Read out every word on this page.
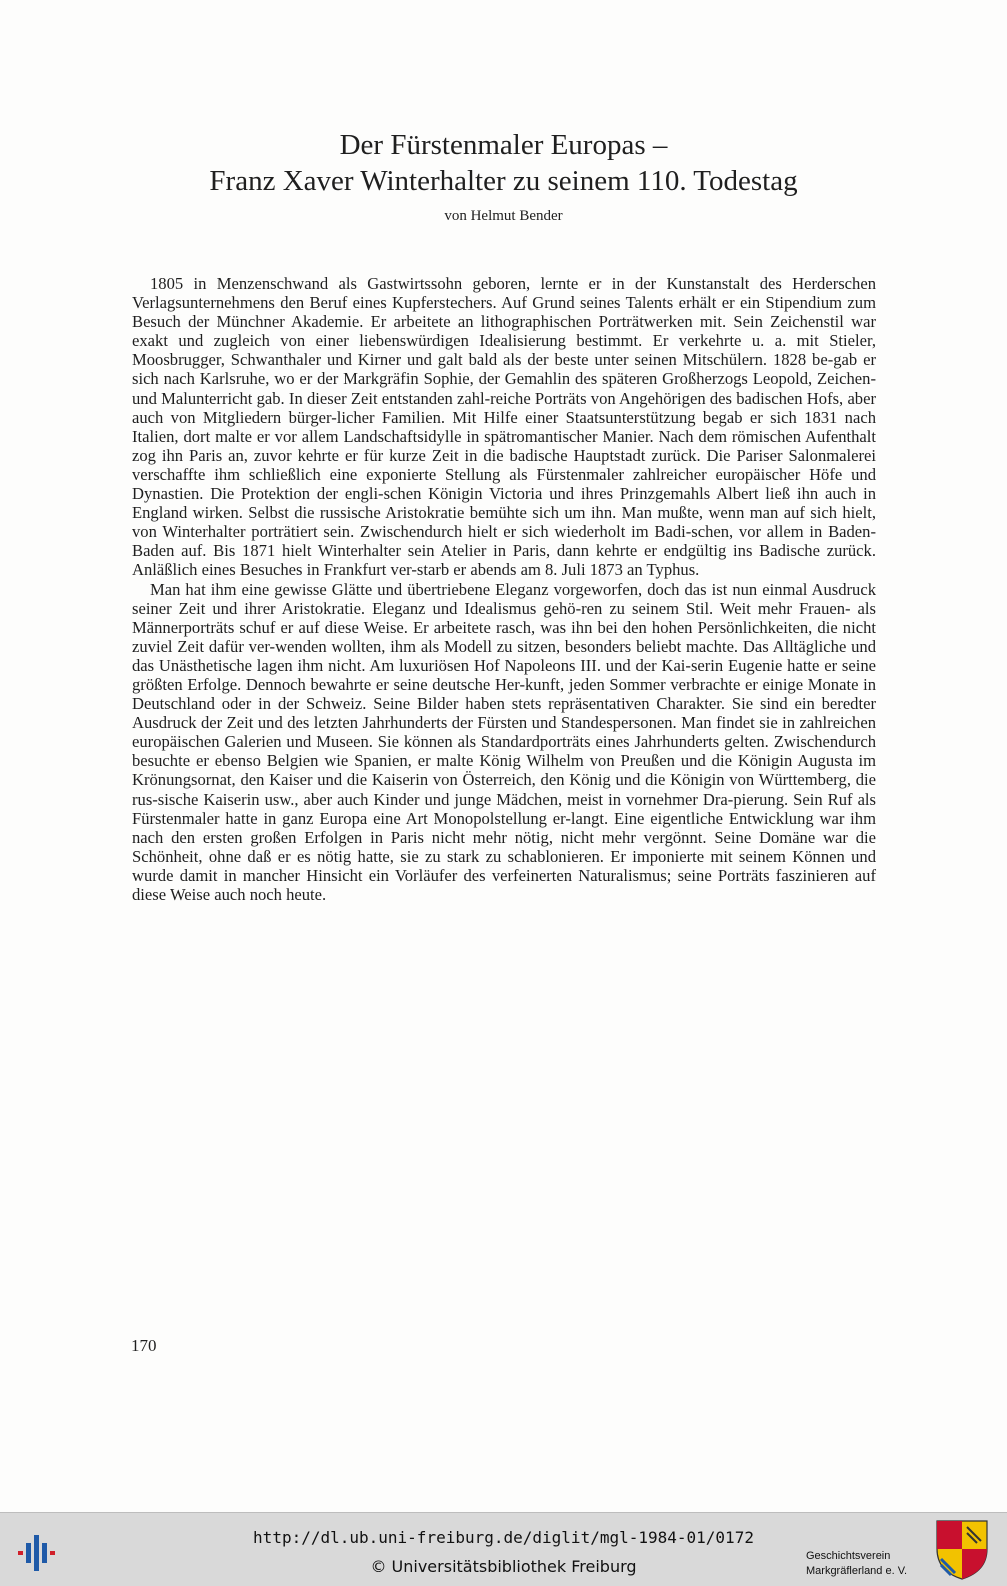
Der Fürstenmaler Europas –
Franz Xaver Winterhalter zu seinem 110. Todestag
von Helmut Bender

1805 in Menzenschwand als Gastwirtssohn geboren, lernte er in der Kunstanstalt des Herderschen Verlagsunternehmens den Beruf eines Kupferstechers. Auf Grund seines Talents erhält er ein Stipendium zum Besuch der Münchner Akademie. Er arbeitete an lithographischen Porträtwerken mit. Sein Zeichenstil war exakt und zugleich von einer liebenswürdigen Idealisierung bestimmt. Er verkehrte u. a. mit Stieler, Moosbrugger, Schwanthaler und Kirner und galt bald als der beste unter seinen Mitschülern. 1828 be-gab er sich nach Karlsruhe, wo er der Markgräfin Sophie, der Gemahlin des späteren Großherzogs Leopold, Zeichen- und Malunterricht gab. In dieser Zeit entstanden zahl-reiche Porträts von Angehörigen des badischen Hofs, aber auch von Mitgliedern bürger-licher Familien. Mit Hilfe einer Staatsunterstützung begab er sich 1831 nach Italien, dort malte er vor allem Landschaftsidylle in spätromantischer Manier. Nach dem römischen Aufenthalt zog ihn Paris an, zuvor kehrte er für kurze Zeit in die badische Hauptstadt zurück. Die Pariser Salonmalerei verschaffte ihm schließlich eine exponierte Stellung als Fürstenmaler zahlreicher europäischer Höfe und Dynastien. Die Protektion der engli-schen Königin Victoria und ihres Prinzgemahls Albert ließ ihn auch in England wirken. Selbst die russische Aristokratie bemühte sich um ihn. Man mußte, wenn man auf sich hielt, von Winterhalter porträtiert sein. Zwischendurch hielt er sich wiederholt im Badi-schen, vor allem in Baden-Baden auf. Bis 1871 hielt Winterhalter sein Atelier in Paris, dann kehrte er endgültig ins Badische zurück. Anläßlich eines Besuches in Frankfurt ver-starb er abends am 8. Juli 1873 an Typhus.

Man hat ihm eine gewisse Glätte und übertriebene Eleganz vorgeworfen, doch das ist nun einmal Ausdruck seiner Zeit und ihrer Aristokratie. Eleganz und Idealismus gehö-ren zu seinem Stil. Weit mehr Frauen- als Männerporträts schuf er auf diese Weise. Er arbeitete rasch, was ihn bei den hohen Persönlichkeiten, die nicht zuviel Zeit dafür ver-wenden wollten, ihm als Modell zu sitzen, besonders beliebt machte. Das Alltägliche und das Unästhetische lagen ihm nicht. Am luxuriösen Hof Napoleons III. und der Kai-serin Eugenie hatte er seine größten Erfolge. Dennoch bewahrte er seine deutsche Her-kunft, jeden Sommer verbrachte er einige Monate in Deutschland oder in der Schweiz. Seine Bilder haben stets repräsentativen Charakter. Sie sind ein beredter Ausdruck der Zeit und des letzten Jahrhunderts der Fürsten und Standespersonen. Man findet sie in zahlreichen europäischen Galerien und Museen. Sie können als Standardporträts eines Jahrhunderts gelten. Zwischendurch besuchte er ebenso Belgien wie Spanien, er malte König Wilhelm von Preußen und die Königin Augusta im Krönungsornat, den Kaiser und die Kaiserin von Österreich, den König und die Königin von Württemberg, die rus-sische Kaiserin usw., aber auch Kinder und junge Mädchen, meist in vornehmer Dra-pierung. Sein Ruf als Fürstenmaler hatte in ganz Europa eine Art Monopolstellung er-langt. Eine eigentliche Entwicklung war ihm nach den ersten großen Erfolgen in Paris nicht mehr nötig, nicht mehr vergönnt. Seine Domäne war die Schönheit, ohne daß er es nötig hatte, sie zu stark zu schablonieren. Er imponierte mit seinem Können und wurde damit in mancher Hinsicht ein Vorläufer des verfeinerten Naturalismus; seine Porträts faszinieren auf diese Weise auch noch heute.

170
http://dl.ub.uni-freiburg.de/diglit/mgl-1984-01/0172
© Universitätsbibliothek Freiburg
Geschichtsverein
Markgräflerland e. V.
